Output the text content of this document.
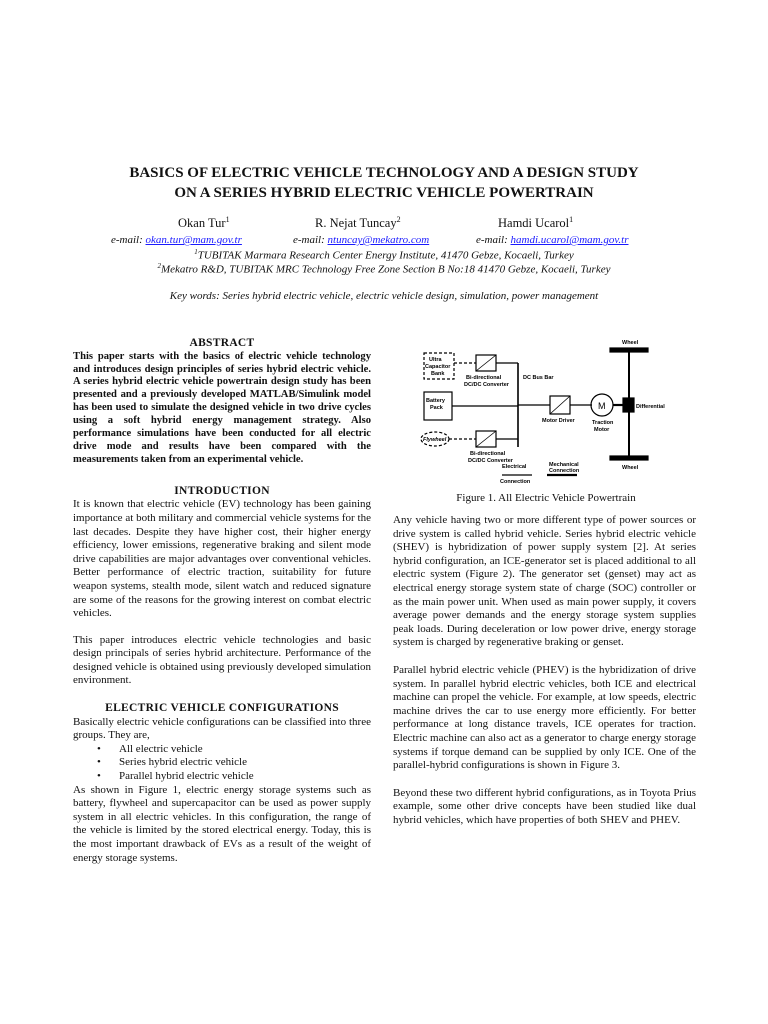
BASICS OF ELECTRIC VEHICLE TECHNOLOGY AND A DESIGN STUDY
ON A SERIES HYBRID ELECTRIC VEHICLE POWERTRAIN
Okan Tur$^1$	R. Nejat Tuncay$^2$	Hamdi Ucarol$^1$
e-mail: okan.tur@mam.gov.tr	e-mail: ntuncay@mekatro.com	e-mail: hamdi.ucarol@mam.gov.tr
$^1$TUBITAK Marmara Research Center Energy Institute, 41470 Gebze, Kocaeli, Turkey
$^2$Mekatro R&D, TUBITAK MRC Technology Free Zone Section B No:18 41470 Gebze, Kocaeli, Turkey
Key words: Series hybrid electric vehicle, electric vehicle design, simulation, power management
ABSTRACT

This paper starts with the basics of electric vehicle technology and introduces design principles of series hybrid electric vehicle. A series hybrid electric vehicle powertrain design study has been presented and a previously developed MATLAB/Simulink model has been used to simulate the designed vehicle in two drive cycles using a soft hybrid energy management strategy. Also performance simulations have been conducted for all electric drive mode and results have been compared with the measurements taken from an experimental vehicle.

INTRODUCTION

It is known that electric vehicle (EV) technology has been gaining importance at both military and commercial vehicle systems for the last decades. Despite they have higher cost, their higher energy efficiency, lower emissions, regenerative braking and silent mode drive capabilities are major advantages over conventional vehicles. Better performance of electric traction, suitability for future weapon systems, stealth mode, silent watch and reduced signature are some of the reasons for the growing interest on combat electric vehicles.

This paper introduces electric vehicle technologies and basic design principals of series hybrid architecture. Performance of the designed vehicle is obtained using previously developed simulation environment.

ELECTRIC VEHICLE CONFIGURATIONS

Basically electric vehicle configurations can be classified into three groups. They are,

• All electric vehicle
• Series hybrid electric vehicle
• Parallel hybrid electric vehicle

As shown in Figure 1, electric energy storage systems such as battery, flywheel and supercapacitor can be used as power supply system in all electric vehicles. In this configuration, the range of the vehicle is limited by the stored electrical energy. Today, this is the most important drawback of EVs as a result of the weight of energy storage systems.

Wheel
Wheel
Ultra
Capacitor
Bank
Bi-directional
DC/DC Converter
DC Bus Bar
Battery
Pack
Motor Driver
M
Traction
Motor
Differential
Flywheel
Bi-directional
DC/DC Converter
Electrical
Connection
Mechanical
Connection
Figure 1. All Electric Vehicle Powertrain

Any vehicle having two or more different type of power sources or drive system is called hybrid vehicle. Series hybrid electric vehicle (SHEV) is hybridization of power supply system [2]. At series hybrid configuration, an ICE-generator set is placed additional to all electric system (Figure 2). The generator set (genset) may act as electrical energy storage system state of charge (SOC) controller or as the main power unit. When used as main power supply, it covers average power demands and the energy storage system supplies peak loads. During deceleration or low power drive, energy storage system is charged by regenerative braking or genset.

Parallel hybrid electric vehicle (PHEV) is the hybridization of drive system. In parallel hybrid electric vehicles, both ICE and electrical machine can propel the vehicle. For example, at low speeds, electric machine drives the car to use energy more efficiently. For better performance at long distance travels, ICE operates for traction. Electric machine can also act as a generator to charge energy storage systems if torque demand can be supplied by only ICE. One of the parallel-hybrid configurations is shown in Figure 3.

Beyond these two different hybrid configurations, as in Toyota Prius example, some other drive concepts have been studied like dual hybrid vehicles, which have properties of both SHEV and PHEV.
